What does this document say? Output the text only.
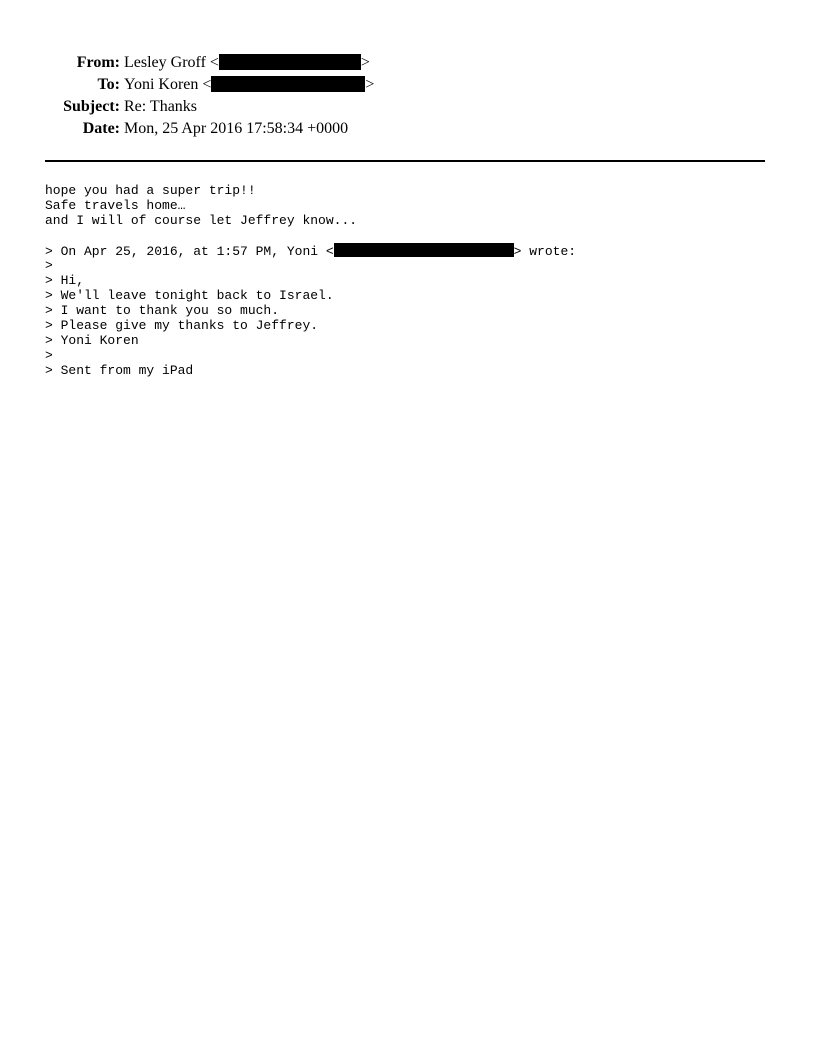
From: Lesley Groff <	>
To: Yoni Koren <	>
Subject: Re: Thanks
Date: Mon, 25 Apr 2016 17:58:34 +0000
hope you had a super trip!!
Safe travels home…
and I will of course let Jeffrey know...
> On Apr 25, 2016, at 1:57 PM, Yoni <	> wrote:
>
> Hi,
> We'll leave tonight back to Israel.
> I want to thank you so much.
> Please give my thanks to Jeffrey.
> Yoni Koren
>
> Sent from my iPad
